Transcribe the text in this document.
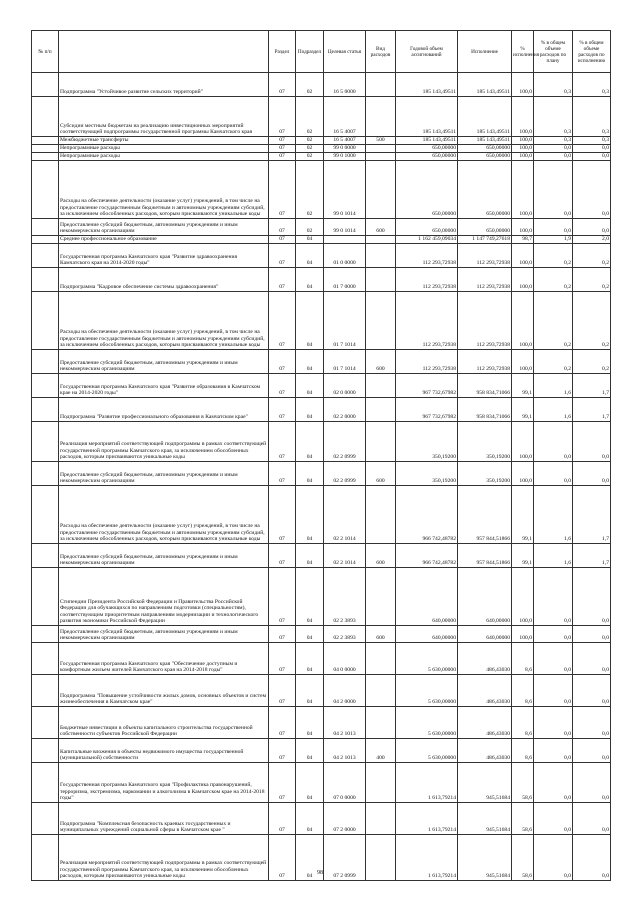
№ п/п		Раздел	Подраздел	Целевая статья	Вид расходов	Годовой объем ассигнований	Исполнение	% исполнения	% в общем объеме расходов по плану	% в общем объеме расходов по исполнению
	Подпрограмма "Устойчивое развитие сельских территорий"	07	02	16 5 0000		185 143,49511	185 143,49511	100,0	0,3	0,3
	Субсидии местным бюджетам на реализацию инвестиционных мероприятий соответствующей подпрограммы государственной программы Камчатского края	07	02	16 5 4007		185 143,49511	185 143,49511	100,0	0,3	0,3
	Межбюджетные трансферты	07	02	16 5 4007	500	185 143,49511	185 143,49511	100,0	0,3	0,3
	Непрограммные расходы	07	02	99 0 0000		650,00000	650,00000	100,0	0,0	0,0
	Непрограммные расходы	07	02	99 0 1000		650,00000	650,00000	100,0	0,0	0,0
	Расходы на обеспечение деятельности (оказание услуг) учреждений, в том числе на предоставление государственным бюджетным и автономным учреждениям субсидий, за исключением обособленных расходов, которым присваиваются уникальные коды	07	02	99 0 1014		650,00000	650,00000	100,0	0,0	0,0
	Предоставление субсидий бюджетным, автономным учреждениям и иным некоммерческим организациям	07	02	99 0 1014	600	650,00000	650,00000	100,0	0,0	0,0
	Среднее профессиональное образование	07	04			1 162 459,09034	1 147 749,27618	98,7	1,9	2,0
	Государственная программа Камчатского края "Развитие здравоохранения Камчатского края на 2014-2020 годы"	07	04	01 0 0000		112 293,72938	112 293,72938	100,0	0,2	0,2
	Подпрограмма "Кадровое обеспечение системы здравоохранения"	07	04	01 7 0000		112 293,72938	112 293,72938	100,0	0,2	0,2
	Расходы на обеспечение деятельности (оказание услуг) учреждений, в том числе на предоставление государственным бюджетным и автономным учреждениям субсидий, за исключением обособленных расходов, которым присваиваются уникальные коды	07	04	01 7 1014		112 293,72938	112 293,72938	100,0	0,2	0,2
	Предоставление субсидий бюджетным, автономным учреждениям и иным некоммерческим организациям	07	04	01 7 1014	600	112 293,72938	112 293,72938	100,0	0,2	0,2
	Государственная программа Камчатского края "Развитие образования в Камчатском крае на 2014-2020 годы"	07	04	02 0 0000		967 732,67982	958 834,71066	99,1	1,6	1,7
	Подпрограмма "Развитие профессионального образования в Камчатском крае"	07	04	02 2 0000		967 732,67982	958 834,71066	99,1	1,6	1,7
	Реализация мероприятий соответствующей подпрограммы в рамках соответствующей государственной программы Камчатского края, за исключением обособленных расходов, которым присваиваются уникальные коды	07	04	02 2 0999		350,19200	350,19200	100,0	0,0	0,0
	Предоставление субсидий бюджетным, автономным учреждениям и иным некоммерческим организациям	07	04	02 2 0999	600	350,19200	350,19200	100,0	0,0	0,0
	Расходы на обеспечение деятельности (оказание услуг) учреждений, в том числе на предоставление государственным бюджетным и автономным учреждениям субсидий, за исключением обособленных расходов, которым присваиваются уникальные коды	07	04	02 2 1014		966 742,48782	957 844,51866	99,1	1,6	1,7
	Предоставление субсидий бюджетным, автономным учреждениям и иным некоммерческим организациям	07	04	02 2 1014	600	966 742,48782	957 844,51866	99,1	1,6	1,7
	Стипендии Президента Российской Федерации и Правительства Российской Федерации для обучающихся по направлениям подготовки (специальностям), соответствующим приоритетным направлениям модернизации и технологического развития экономики Российской Федерации	07	04	02 2 3893		640,00000	640,00000	100,0	0,0	0,0
	Предоставление субсидий бюджетным, автономным учреждениям и иным некоммерческим организациям	07	04	02 2 3893	600	640,00000	640,00000	100,0	0,0	0,0
	Государственная программа Камчатского края "Обеспечение доступным и комфортным жильем жителей Камчатского края на 2014-2018 годы"	07	04	04 0 0000		5 630,00000	486,43030	8,6	0,0	0,0
	Подпрограмма "Повышение устойчивости жилых домов, основных объектов и систем жизнеобеспечения в Камчатском крае"	07	04	04 2 0000		5 630,00000	486,43030	8,6	0,0	0,0
	Бюджетные инвестиции в объекты капитального строительства государственной собственности субъектов Российской Федерации	07	04	04 2 1013		5 630,00000	486,43030	8,6	0,0	0,0
	Капитальные вложения в объекты недвижимого имущества государственной (муниципальной) собственности	07	04	04 2 1013	400	5 630,00000	486,43030	8,6	0,0	0,0
	Государственная программа Камчатского края "Профилактика правонарушений, терроризма, экстремизма, наркомании и алкоголизма в Камчатском крае на 2014-2018 годы"	07	04	07 0 0000		1 613,79214	945,51684	58,6	0,0	0,0
	Подпрограмма "Комплексная безопасность краевых государственных и муниципальных учреждений социальной сферы в Камчатском крае "	07	04	07 2 0000		1 613,79214	945,51684	58,6	0,0	0,0
	Реализация мероприятий соответствующей подпрограммы в рамках соответствующей государственной программы Камчатского края, за исключением обособленных расходов, которым присваиваются уникальные коды	07	04	07 2 0999		1 613,79214	945,51684	58,6	0,0	0,0
98
